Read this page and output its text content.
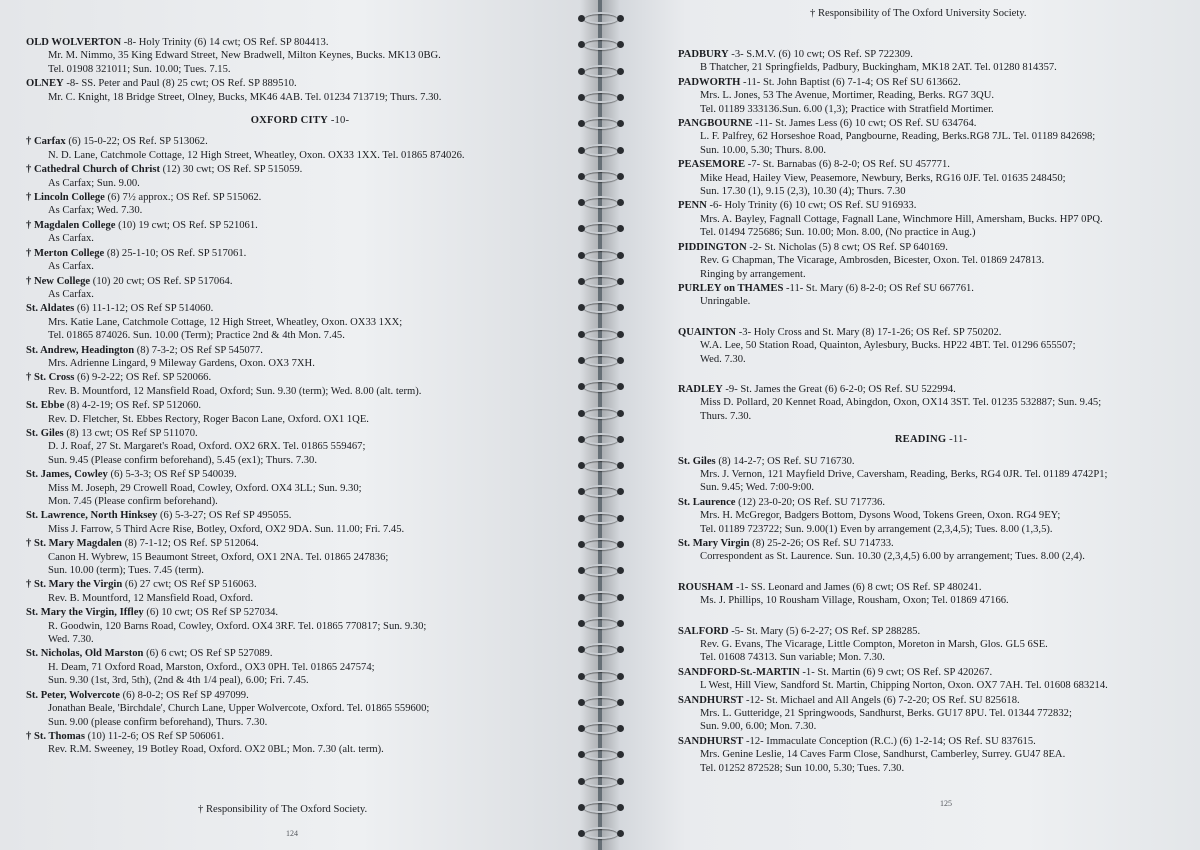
OLD WOLVERTON -8- Holy Trinity (6) 14 cwt; OS Ref. SP 804413.
Mr. M. Nimmo, 35 King Edward Street, New Bradwell, Milton Keynes, Bucks. MK13 0BG.
Tel. 01908 321011; Sun. 10.00; Tues. 7.15.
OLNEY -8- SS. Peter and Paul (8) 25 cwt; OS Ref. SP 889510.
Mr. C. Knight, 18 Bridge Street, Olney, Bucks, MK46 4AB. Tel. 01234 713719; Thurs. 7.30.
OXFORD CITY -10-
† Carfax (6) 15-0-22; OS Ref. SP 513062.
N. D. Lane, Catchmole Cottage, 12 High Street, Wheatley, Oxon. OX33 1XX. Tel. 01865 874026.
† Cathedral Church of Christ (12) 30 cwt; OS Ref. SP 515059.
As Carfax; Sun. 9.00.
† Lincoln College (6) 7½ approx.; OS Ref. SP 515062.
As Carfax; Wed. 7.30.
† Magdalen College (10) 19 cwt; OS Ref. SP 521061.
As Carfax.
† Merton College (8) 25-1-10; OS Ref. SP 517061.
As Carfax.
† New College (10) 20 cwt; OS Ref. SP 517064.
As Carfax.
St. Aldates (6) 11-1-12; OS Ref SP 514060.
Mrs. Katie Lane, Catchmole Cottage, 12 High Street, Wheatley, Oxon. OX33 1XX;
Tel. 01865 874026. Sun. 10.00 (Term); Practice 2nd & 4th Mon. 7.45.
St. Andrew, Headington (8) 7-3-2; OS Ref SP 545077.
Mrs. Adrienne Lingard, 9 Mileway Gardens, Oxon. OX3 7XH.
† St. Cross (6) 9-2-22; OS Ref. SP 520066.
Rev. B. Mountford, 12 Mansfield Road, Oxford; Sun. 9.30 (term); Wed. 8.00 (alt. term).
St. Ebbe (8) 4-2-19; OS Ref. SP 512060.
Rev. D. Fletcher, St. Ebbes Rectory, Roger Bacon Lane, Oxford. OX1 1QE.
St. Giles (8) 13 cwt; OS Ref SP 511070.
D. J. Roaf, 27 St. Margaret's Road, Oxford. OX2 6RX. Tel. 01865 559467;
Sun. 9.45 (Please confirm beforehand), 5.45 (ex1); Thurs. 7.30.
St. James, Cowley (6) 5-3-3; OS Ref SP 540039.
Miss M. Joseph, 29 Crowell Road, Cowley, Oxford. OX4 3LL; Sun. 9.30;
Mon. 7.45 (Please confirm beforehand).
St. Lawrence, North Hinksey (6) 5-3-27; OS Ref SP 495055.
Miss J. Farrow, 5 Third Acre Rise, Botley, Oxford, OX2 9DA. Sun. 11.00; Fri. 7.45.
† St. Mary Magdalen (8) 7-1-12; OS Ref. SP 512064.
Canon H. Wybrew, 15 Beaumont Street, Oxford, OX1 2NA. Tel. 01865 247836;
Sun. 10.00 (term); Tues. 7.45 (term).
† St. Mary the Virgin (6) 27 cwt; OS Ref SP 516063.
Rev. B. Mountford, 12 Mansfield Road, Oxford.
St. Mary the Virgin, Iffley (6) 10 cwt; OS Ref SP 527034.
R. Goodwin, 120 Barns Road, Cowley, Oxford. OX4 3RF. Tel. 01865 770817; Sun. 9.30;
Wed. 7.30.
St. Nicholas, Old Marston (6) 6 cwt; OS Ref SP 527089.
H. Deam, 71 Oxford Road, Marston, Oxford., OX3 0PH. Tel. 01865 247574;
Sun. 9.30 (1st, 3rd, 5th), (2nd & 4th 1/4 peal), 6.00; Fri. 7.45.
St. Peter, Wolvercote (6) 8-0-2; OS Ref SP 497099.
Jonathan Beale, 'Birchdale', Church Lane, Upper Wolvercote, Oxford. Tel. 01865 559600;
Sun. 9.00 (please confirm beforehand), Thurs. 7.30.
† St. Thomas (10) 11-2-6; OS Ref SP 506061.
Rev. R.M. Sweeney, 19 Botley Road, Oxford. OX2 0BL; Mon. 7.30 (alt. term).
† Responsibility of The Oxford Society.
124
† Responsibility of The Oxford University Society.
PADBURY -3- S.M.V. (6) 10 cwt; OS Ref. SP 722309.
B Thatcher, 21 Springfields, Padbury, Buckingham, MK18 2AT. Tel. 01280 814357.
PADWORTH -11- St. John Baptist (6) 7-1-4; OS Ref SU 613662.
Mrs. L. Jones, 53 The Avenue, Mortimer, Reading, Berks. RG7 3QU.
Tel. 01189 333136.Sun. 6.00 (1,3); Practice with Stratfield Mortimer.
PANGBOURNE -11- St. James Less (6) 10 cwt; OS Ref. SU 634764.
L. F. Palfrey, 62 Horseshoe Road, Pangbourne, Reading, Berks.RG8 7JL. Tel. 01189 842698;
Sun. 10.00, 5.30; Thurs. 8.00.
PEASEMORE -7- St. Barnabas (6) 8-2-0; OS Ref. SU 457771.
Mike Head, Hailey View, Peasemore, Newbury, Berks, RG16 0JF. Tel. 01635 248450;
Sun. 17.30 (1), 9.15 (2,3), 10.30 (4); Thurs. 7.30
PENN -6- Holy Trinity (6) 10 cwt; OS Ref. SU 916933.
Mrs. A. Bayley, Fagnall Cottage, Fagnall Lane, Winchmore Hill, Amersham, Bucks. HP7 0PQ.
Tel. 01494 725686; Sun. 10.00; Mon. 8.00, (No practice in Aug.)
PIDDINGTON -2- St. Nicholas (5) 8 cwt; OS Ref. SP 640169.
Rev. G Chapman, The Vicarage, Ambrosden, Bicester, Oxon. Tel. 01869 247813.
Ringing by arrangement.
PURLEY on THAMES -11- St. Mary (6) 8-2-0; OS Ref SU 667761.
Unringable.
QUAINTON -3- Holy Cross and St. Mary (8) 17-1-26; OS Ref. SP 750202.
W.A. Lee, 50 Station Road, Quainton, Aylesbury, Bucks. HP22 4BT. Tel. 01296 655507;
Wed. 7.30.
RADLEY -9- St. James the Great (6) 6-2-0; OS Ref. SU 522994.
Miss D. Pollard, 20 Kennet Road, Abingdon, Oxon, OX14 3ST. Tel. 01235 532887; Sun. 9.45;
Thurs. 7.30.
READING -11-
St. Giles (8) 14-2-7; OS Ref. SU 716730.
Mrs. J. Vernon, 121 Mayfield Drive, Caversham, Reading, Berks, RG4 0JR. Tel. 01189 4742P1;
Sun. 9.45; Wed. 7:00-9:00.
St. Laurence (12) 23-0-20; OS Ref. SU 717736.
Mrs. H. McGregor, Badgers Bottom, Dysons Wood, Tokens Green, Oxon. RG4 9EY;
Tel. 01189 723722; Sun. 9.00(1) Even by arrangement (2,3,4,5); Tues. 8.00 (1,3,5).
St. Mary Virgin (8) 25-2-26; OS Ref. SU 714733.
Correspondent as St. Laurence. Sun. 10.30 (2,3,4,5) 6.00 by arrangement; Tues. 8.00 (2,4).
ROUSHAM -1- SS. Leonard and James (6) 8 cwt; OS Ref. SP 480241.
Ms. J. Phillips, 10 Rousham Village, Rousham, Oxon; Tel. 01869 47166.
SALFORD -5- St. Mary (5) 6-2-27; OS Ref. SP 288285.
Rev. G. Evans, The Vicarage, Little Compton, Moreton in Marsh, Glos. GL5 6SE.
Tel. 01608 74313. Sun variable; Mon. 7.30.
SANDFORD-St.-MARTIN -1- St. Martin (6) 9 cwt; OS Ref. SP 420267.
L West, Hill View, Sandford St. Martin, Chipping Norton, Oxon. OX7 7AH. Tel. 01608 683214.
SANDHURST -12- St. Michael and All Angels (6) 7-2-20; OS Ref. SU 825618.
Mrs. L. Gutteridge, 21 Springwoods, Sandhurst, Berks. GU17 8PU. Tel. 01344 772832;
Sun. 9.00, 6.00; Mon. 7.30.
SANDHURST -12- Immaculate Conception (R.C.) (6) 1-2-14; OS Ref. SU 837615.
Mrs. Genine Leslie, 14 Caves Farm Close, Sandhurst, Camberley, Surrey. GU47 8EA.
Tel. 01252 872528; Sun 10.00, 5.30; Tues. 7.30.
125
